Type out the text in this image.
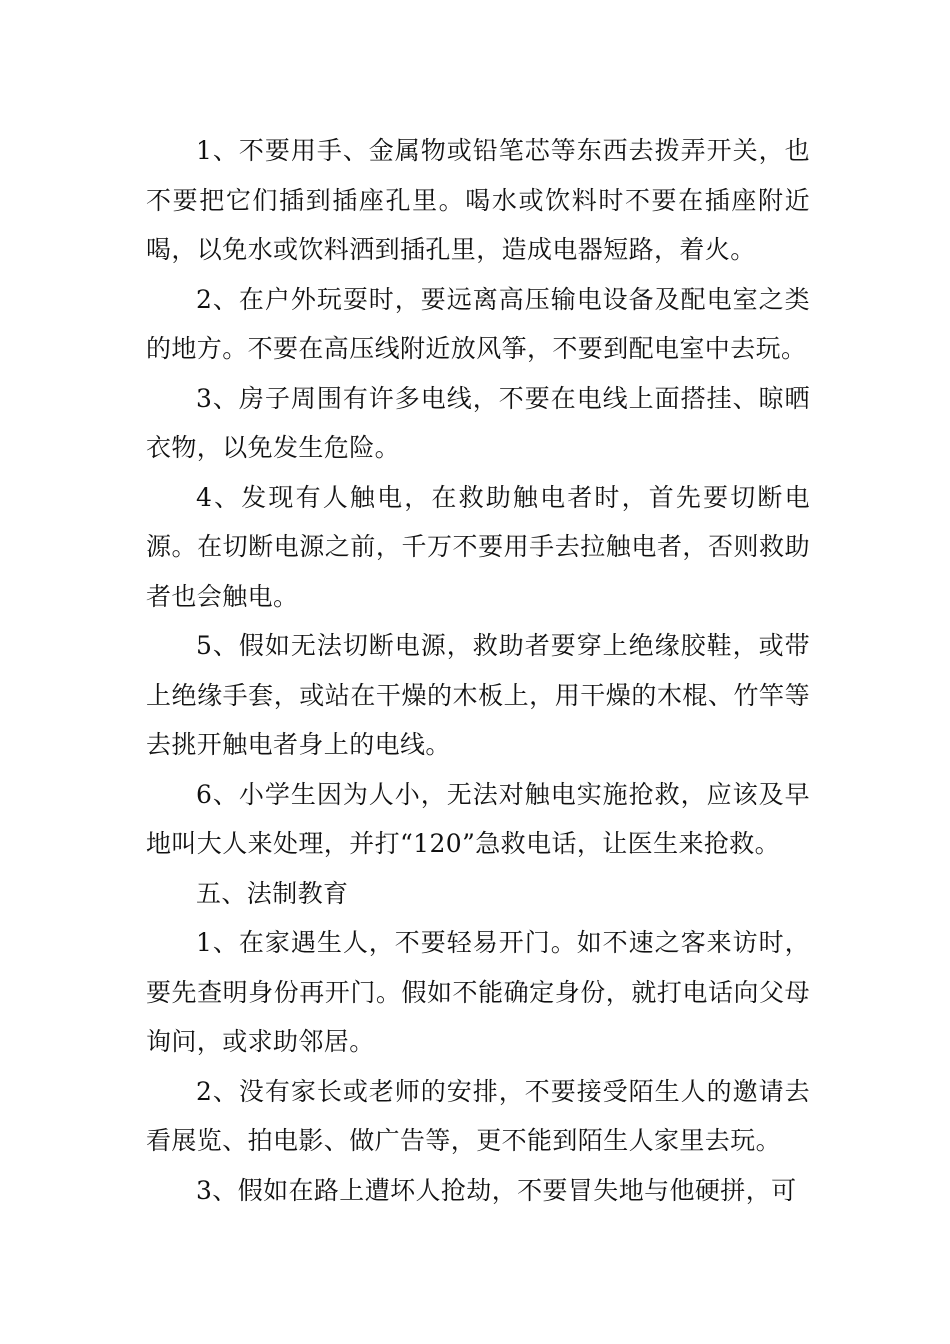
1、不要用手、金属物或铅笔芯等东西去拨弄开关，也不要把它们插到插座孔里。喝水或饮料时不要在插座附近喝，以免水或饮料洒到插孔里，造成电器短路，着火。

2、在户外玩耍时，要远离高压输电设备及配电室之类的地方。不要在高压线附近放风筝，不要到配电室中去玩。

3、房子周围有许多电线，不要在电线上面搭挂、晾晒衣物，以免发生危险。

4、发现有人触电，在救助触电者时，首先要切断电源。在切断电源之前，千万不要用手去拉触电者，否则救助者也会触电。

5、假如无法切断电源，救助者要穿上绝缘胶鞋，或带上绝缘手套，或站在干燥的木板上，用干燥的木棍、竹竿等去挑开触电者身上的电线。

6、小学生因为人小，无法对触电实施抢救，应该及早地叫大人来处理，并打“120”急救电话，让医生来抢救。

五、法制教育

1、在家遇生人，不要轻易开门。如不速之客来访时，要先查明身份再开门。假如不能确定身份，就打电话向父母询问，或求助邻居。

2、没有家长或老师的安排，不要接受陌生人的邀请去看展览、拍电影、做广告等，更不能到陌生人家里去玩。

3、假如在路上遭坏人抢劫，不要冒失地与他硬拼，可
